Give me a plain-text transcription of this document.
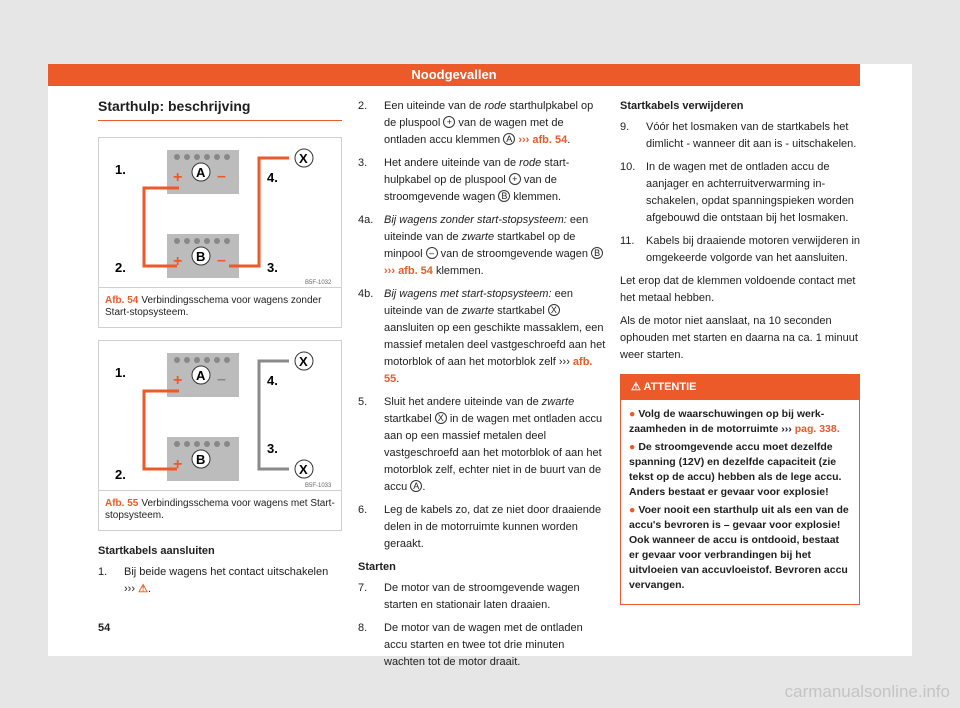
Noodgevallen
Starthulp: beschrijving
+ –
+ –
A
B
X
1.
2.	3.
4.
B5F-1032
Afb. 54 Verbindingsschema voor wagens zonder Start-stopsysteem.
+ –
+
A
B
X
X
1.
2.
3.
4.
B5F-1033
Afb. 55 Verbindingsschema voor wagens met Start-stopsysteem.
Startkabels aansluiten
1.	Bij beide wagens het contact uitschakelen ››› ⚠.
2.	Een uiteinde van de rode starthulpkabel op de pluspool + van de wagen met de ontladen accu klemmen A ››› afb. 54.
3.	Het andere uiteinde van de rode starthulpkabel op de pluspool + van de stroomgevende wagen B klemmen.
4a. Bij wagens zonder start-stopsysteem: een uiteinde van de zwarte startkabel op de minpool – van de stroomgevende wagen B ››› afb. 54 klemmen.
4b. Bij wagens met start-stopsysteem: een uiteinde van de zwarte startkabel X aansluiten op een geschikte massaklem, een massief metalen deel vastgeschroefd aan het motorblok of aan het motorblok zelf ››› afb. 55.
5.	Sluit het andere uiteinde van de zwarte startkabel X in de wagen met ontladen accu aan op een massief metalen deel vastgeschroefd aan het motorblok of aan het motorblok zelf, echter niet in de buurt van de accu A .
6.	Leg de kabels zo, dat ze niet door draaiende delen in de motorruimte kunnen worden geraakt.
Starten
7.	De motor van de stroomgevende wagen starten en stationair laten draaien.
8.	De motor van de wagen met de ontladen accu starten en twee tot drie minuten wachten tot de motor draait.
Startkabels verwijderen
9.	Vóór het losmaken van de startkabels het dimlicht - wanneer dit aan is - uitschakelen.
10. In de wagen met de ontladen accu de aanjager en achterruitverwarming inschakelen, opdat spanningspieken worden afgebouwd die ontstaan bij het losmaken.
11.	Kabels bij draaiende motoren verwijderen in omgekeerde volgorde van het aansluiten.
Let erop dat de klemmen voldoende contact met het metaal hebben.
Als de motor niet aanslaat, na 10 seconden ophouden met starten en daarna na ca. 1 minuut weer starten.
⚠ ATTENTIE
● Volg de waarschuwingen op bij werkzaamheden in de motorruimte ››› pag. 338.
● De stroomgevende accu moet dezelfde spanning (12V) en dezelfde capaciteit (zie tekst op de accu) hebben als de lege accu. Anders bestaat er gevaar voor explosie!
● Voer nooit een starthulp uit als een van de accu's bevroren is – gevaar voor explosie! Ook wanneer de accu is ontdooid, bestaat er gevaar voor verbrandingen bij het uitvloeien van accuvloeistof. Bevroren accu vervangen.
54
carmanualsonline.info
